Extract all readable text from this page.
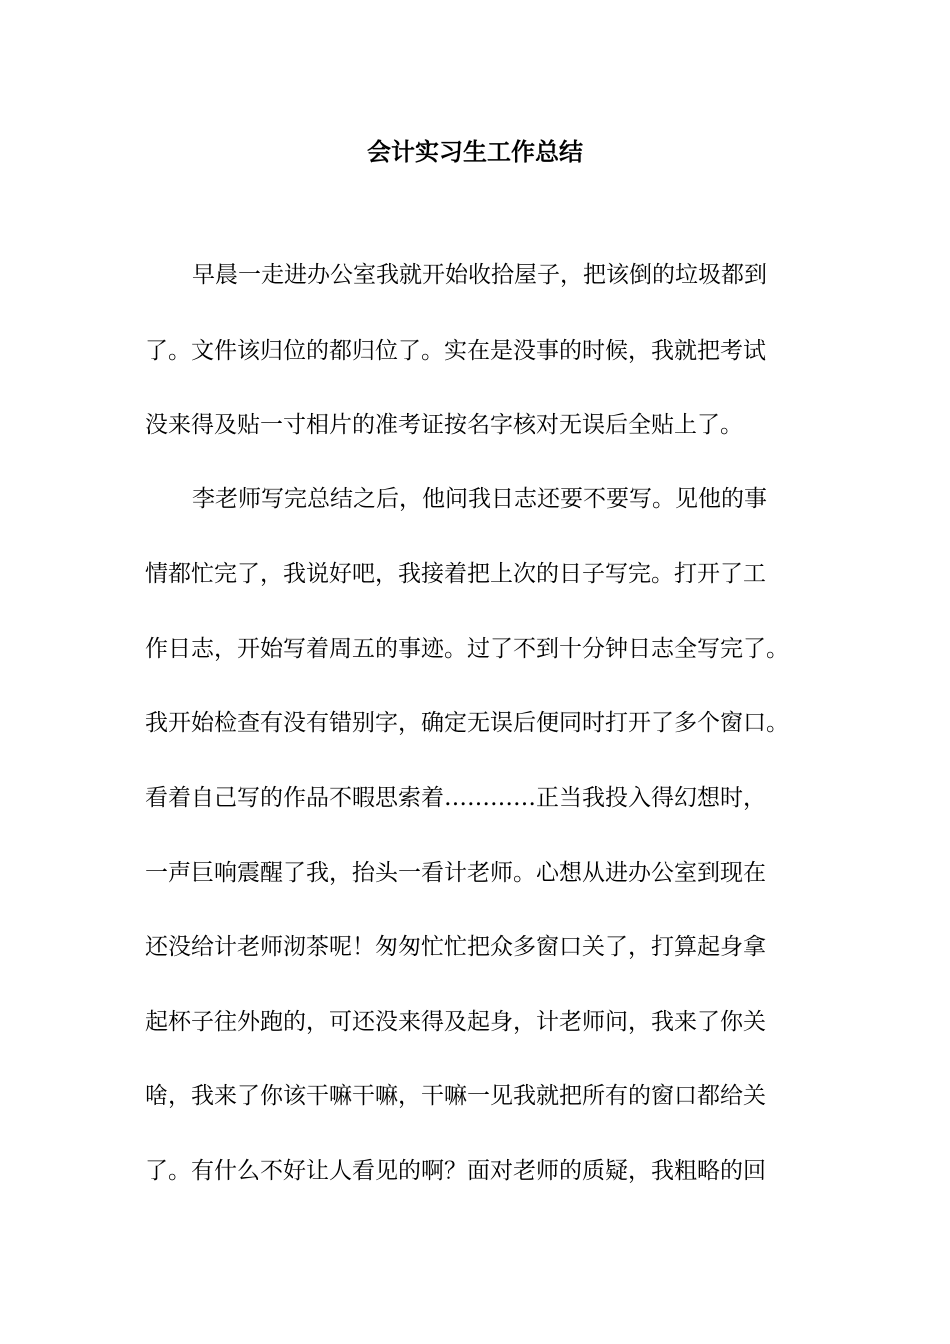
会计实习生工作总结
早晨一走进办公室我就开始收拾屋子，把该倒的垃圾都到
了。文件该归位的都归位了。实在是没事的时候，我就把考试
没来得及贴一寸相片的准考证按名字核对无误后全贴上了。
李老师写完总结之后，他问我日志还要不要写。见他的事
情都忙完了，我说好吧，我接着把上次的日子写完。打开了工
作日志，开始写着周五的事迹。过了不到十分钟日志全写完了。
我开始检查有没有错别字，确定无误后便同时打开了多个窗口。
看着自己写的作品不暇思索着…………正当我投入得幻想时，
一声巨响震醒了我，抬头一看计老师。心想从进办公室到现在
还没给计老师沏茶呢！匆匆忙忙把众多窗口关了，打算起身拿
起杯子往外跑的，可还没来得及起身，计老师问，我来了你关
啥，我来了你该干嘛干嘛，干嘛一见我就把所有的窗口都给关
了。有什么不好让人看见的啊？面对老师的质疑，我粗略的回
